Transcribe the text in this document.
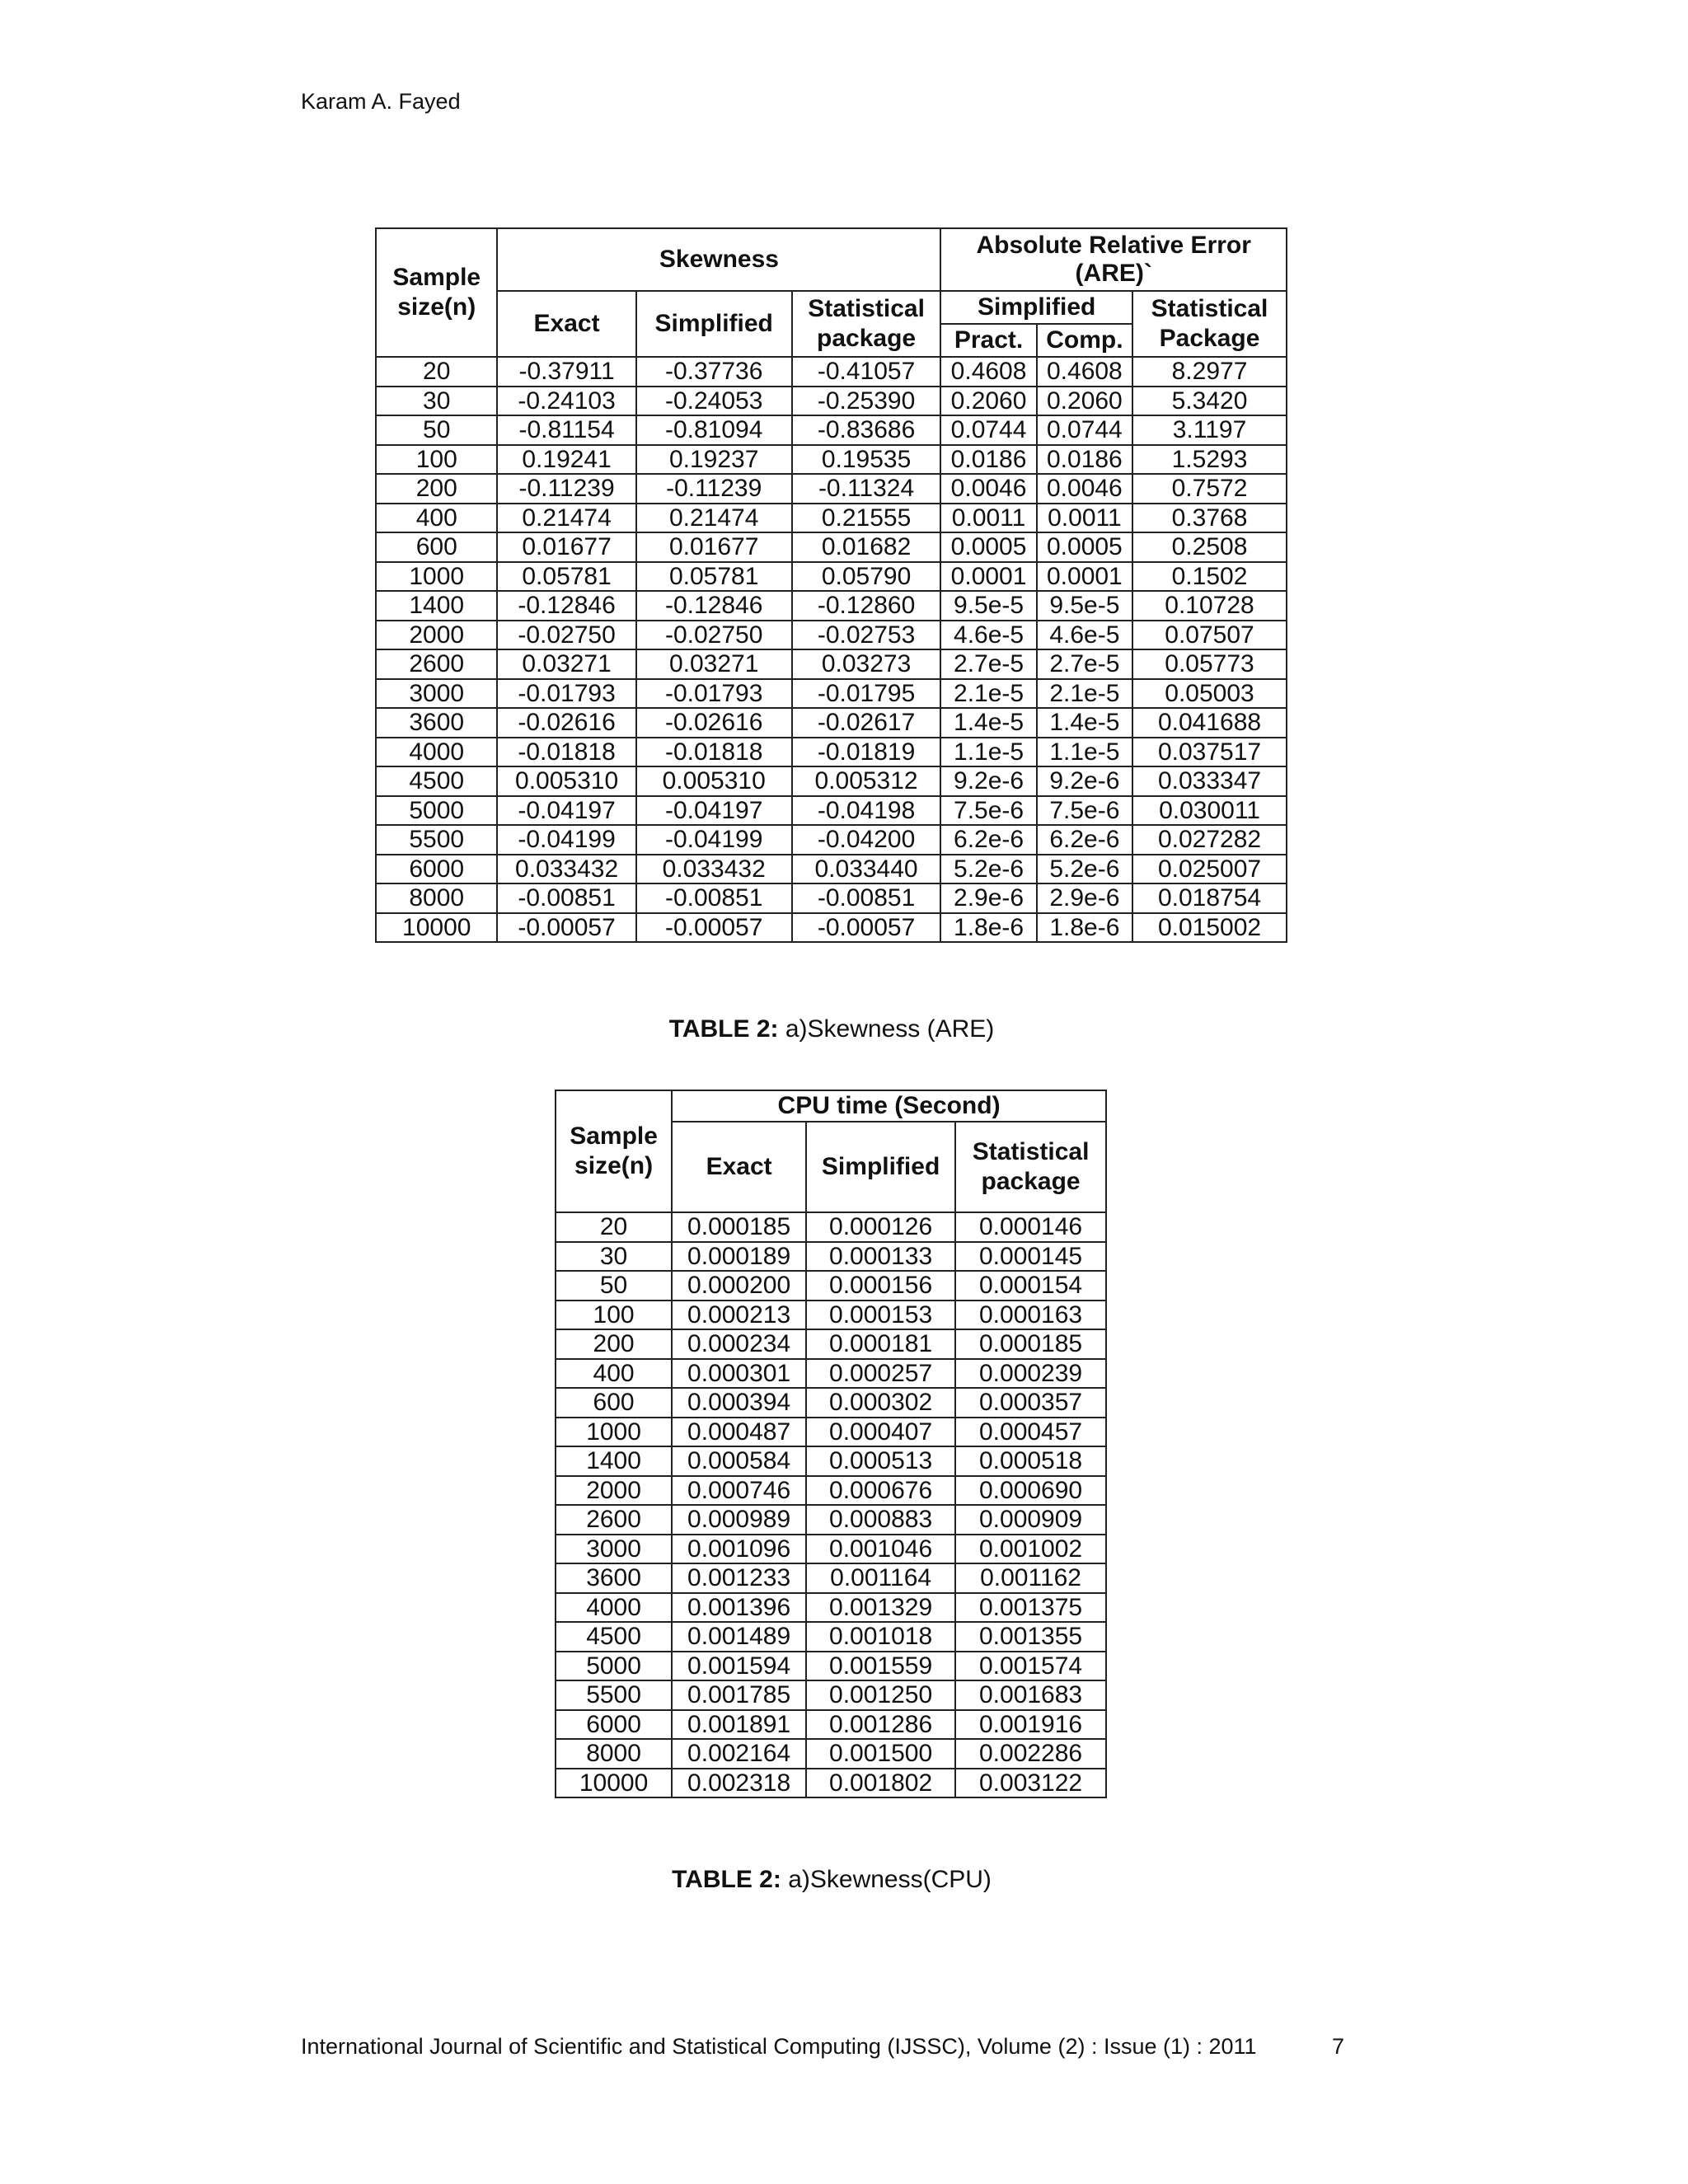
Karam A. Fayed
Sample size(n)	Skewness			Absolute Relative Error (ARE)`		
	Exact	Simplified	Statistical package	Simplified		Statistical Package
				Pract.	Comp.	
20	-0.37911	-0.37736	-0.41057	0.4608	0.4608	8.2977
30	-0.24103	-0.24053	-0.25390	0.2060	0.2060	5.3420
50	-0.81154	-0.81094	-0.83686	0.0744	0.0744	3.1197
100	0.19241	0.19237	0.19535	0.0186	0.0186	1.5293
200	-0.11239	-0.11239	-0.11324	0.0046	0.0046	0.7572
400	0.21474	0.21474	0.21555	0.0011	0.0011	0.3768
600	0.01677	0.01677	0.01682	0.0005	0.0005	0.2508
1000	0.05781	0.05781	0.05790	0.0001	0.0001	0.1502
1400	-0.12846	-0.12846	-0.12860	9.5e-5	9.5e-5	0.10728
2000	-0.02750	-0.02750	-0.02753	4.6e-5	4.6e-5	0.07507
2600	0.03271	0.03271	0.03273	2.7e-5	2.7e-5	0.05773
3000	-0.01793	-0.01793	-0.01795	2.1e-5	2.1e-5	0.05003
3600	-0.02616	-0.02616	-0.02617	1.4e-5	1.4e-5	0.041688
4000	-0.01818	-0.01818	-0.01819	1.1e-5	1.1e-5	0.037517
4500	0.005310	0.005310	0.005312	9.2e-6	9.2e-6	0.033347
5000	-0.04197	-0.04197	-0.04198	7.5e-6	7.5e-6	0.030011
5500	-0.04199	-0.04199	-0.04200	6.2e-6	6.2e-6	0.027282
6000	0.033432	0.033432	0.033440	5.2e-6	5.2e-6	0.025007
8000	-0.00851	-0.00851	-0.00851	2.9e-6	2.9e-6	0.018754
10000	-0.00057	-0.00057	-0.00057	1.8e-6	1.8e-6	0.015002
TABLE 2: a)Skewness (ARE)
Sample size(n)	CPU time (Second)		
	Exact	Simplified	Statistical package
20	0.000185	0.000126	0.000146
30	0.000189	0.000133	0.000145
50	0.000200	0.000156	0.000154
100	0.000213	0.000153	0.000163
200	0.000234	0.000181	0.000185
400	0.000301	0.000257	0.000239
600	0.000394	0.000302	0.000357
1000	0.000487	0.000407	0.000457
1400	0.000584	0.000513	0.000518
2000	0.000746	0.000676	0.000690
2600	0.000989	0.000883	0.000909
3000	0.001096	0.001046	0.001002
3600	0.001233	0.001164	0.001162
4000	0.001396	0.001329	0.001375
4500	0.001489	0.001018	0.001355
5000	0.001594	0.001559	0.001574
5500	0.001785	0.001250	0.001683
6000	0.001891	0.001286	0.001916
8000	0.002164	0.001500	0.002286
10000	0.002318	0.001802	0.003122
TABLE 2: a)Skewness(CPU)
International Journal of Scientific and Statistical Computing (IJSSC), Volume (2) : Issue (1) : 2011	7
